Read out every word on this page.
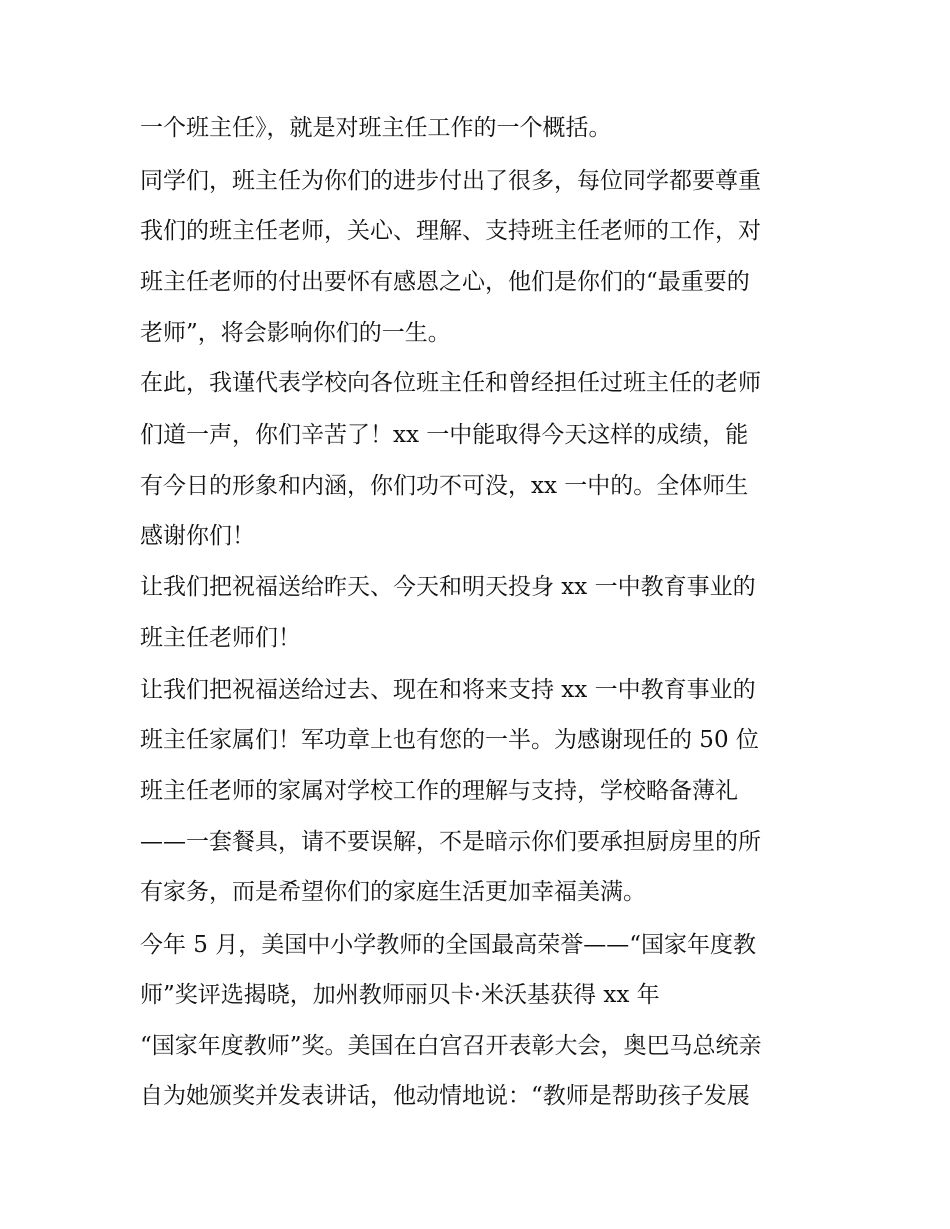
一个班主任》，就是对班主任工作的一个概括。
同学们，班主任为你们的进步付出了很多，每位同学都要尊重
我们的班主任老师，关心、理解、支持班主任老师的工作，对
班主任老师的付出要怀有感恩之心，他们是你们的“最重要的
老师”，将会影响你们的一生。
在此，我谨代表学校向各位班主任和曾经担任过班主任的老师
们道一声，你们辛苦了！xx 一中能取得今天这样的成绩，能
有今日的形象和内涵，你们功不可没，xx 一中的。全体师生
感谢你们！
让我们把祝福送给昨天、今天和明天投身 xx 一中教育事业的
班主任老师们！
让我们把祝福送给过去、现在和将来支持 xx 一中教育事业的
班主任家属们！军功章上也有您的一半。为感谢现任的 50 位
班主任老师的家属对学校工作的理解与支持，学校略备薄礼
——一套餐具，请不要误解，不是暗示你们要承担厨房里的所
有家务，而是希望你们的家庭生活更加幸福美满。
今年 5 月，美国中小学教师的全国最高荣誉——“国家年度教
师”奖评选揭晓，加州教师丽贝卡·米沃基获得 xx 年
“国家年度教师”奖。美国在白宫召开表彰大会，奥巴马总统亲
自为她颁奖并发表讲话，他动情地说：“教师是帮助孩子发展
